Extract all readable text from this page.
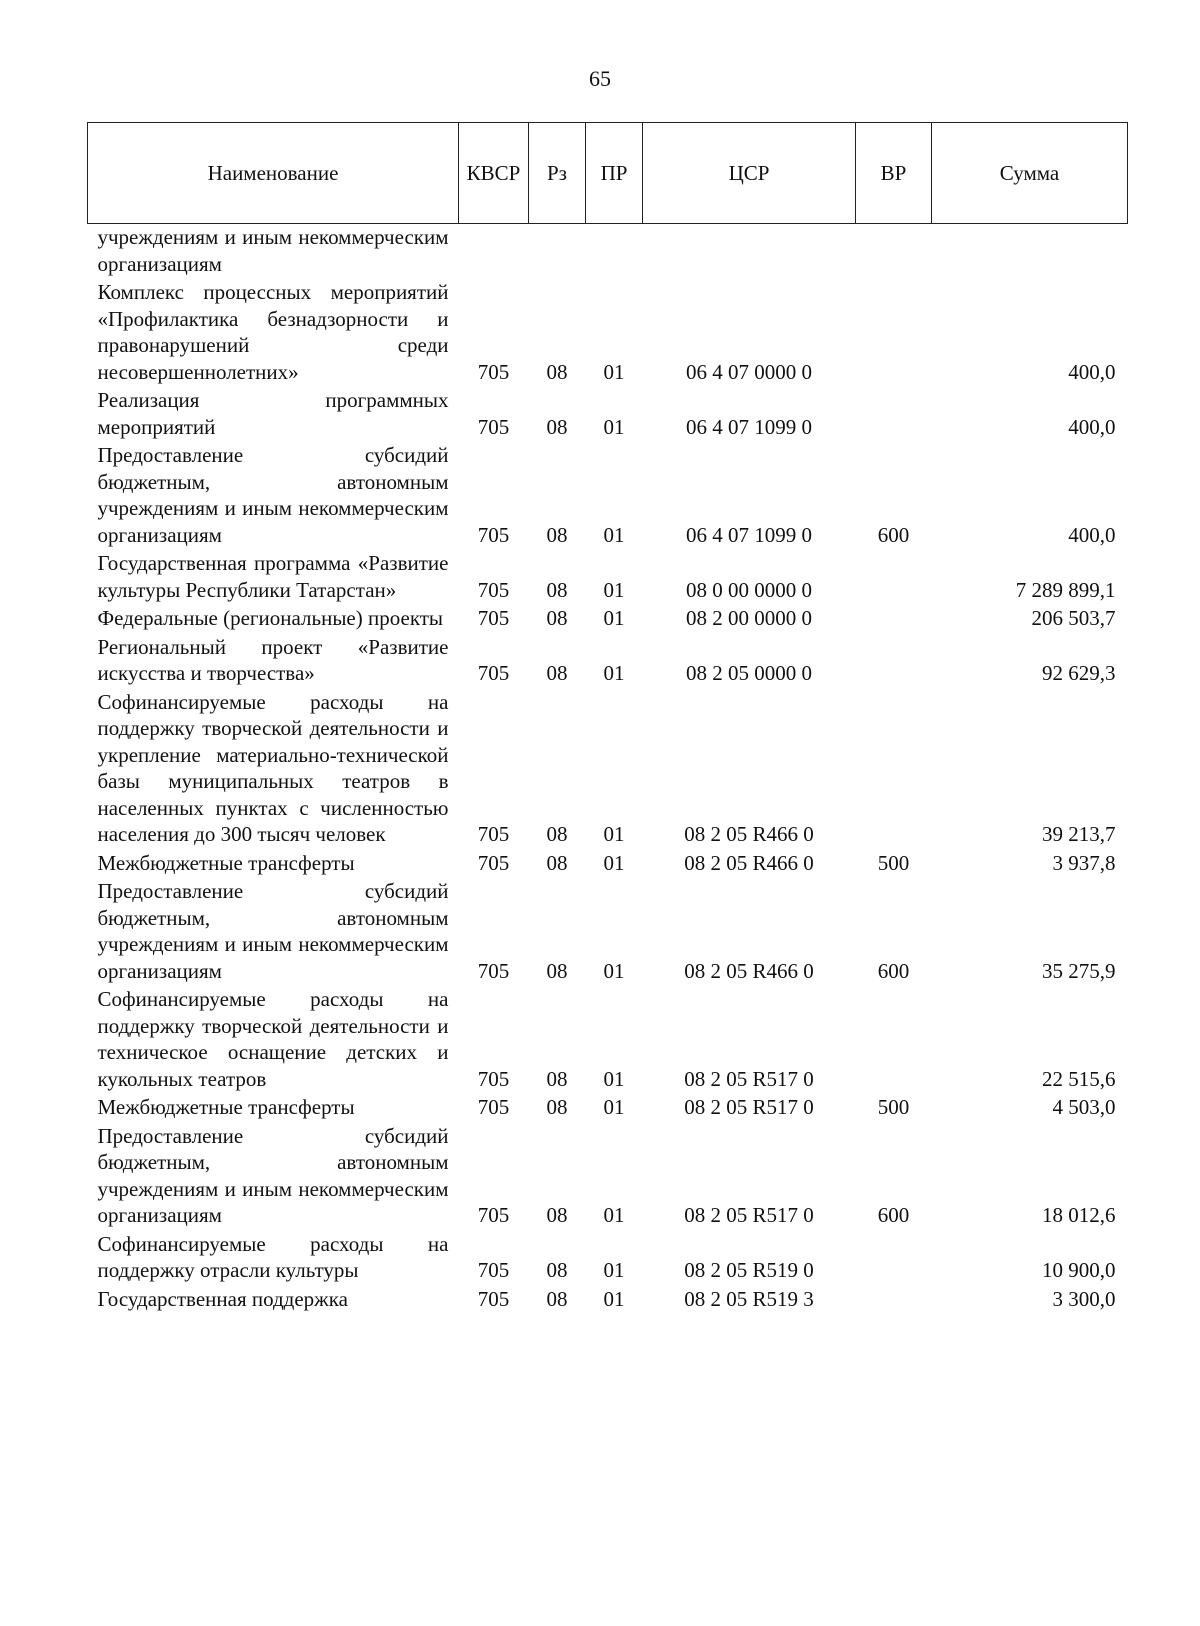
65
Наименование	КВСР	Рз	ПР	ЦСР	ВР	Сумма
учреждениям и иным некоммерческим организациям						
Комплекс процессных мероприятий «Профилактика безнадзорности и правонарушений среди несовершеннолетних»	705	08	01	06 4 07 0000 0		400,0
Реализация программных мероприятий	705	08	01	06 4 07 1099 0		400,0
Предоставление субсидий бюджетным, автономным учреждениям и иным некоммерческим организациям	705	08	01	06 4 07 1099 0	600	400,0
Государственная программа «Развитие культуры Республики Татарстан»	705	08	01	08 0 00 0000 0		7 289 899,1
Федеральные (региональные) проекты	705	08	01	08 2 00 0000 0		206 503,7
Региональный проект «Развитие искусства и творчества»	705	08	01	08 2 05 0000 0		92 629,3
Софинансируемые расходы на поддержку творческой деятельности и укрепление материально-технической базы муниципальных театров в населенных пунктах с численностью населения до 300 тысяч человек	705	08	01	08 2 05 R466 0		39 213,7
Межбюджетные трансферты	705	08	01	08 2 05 R466 0	500	3 937,8
Предоставление субсидий бюджетным, автономным учреждениям и иным некоммерческим организациям	705	08	01	08 2 05 R466 0	600	35 275,9
Софинансируемые расходы на поддержку творческой деятельности и техническое оснащение детских и кукольных театров	705	08	01	08 2 05 R517 0		22 515,6
Межбюджетные трансферты	705	08	01	08 2 05 R517 0	500	4 503,0
Предоставление субсидий бюджетным, автономным учреждениям и иным некоммерческим организациям	705	08	01	08 2 05 R517 0	600	18 012,6
Софинансируемые расходы на поддержку отрасли культуры	705	08	01	08 2 05 R519 0		10 900,0
Государственная поддержка	705	08	01	08 2 05 R519 3		3 300,0
